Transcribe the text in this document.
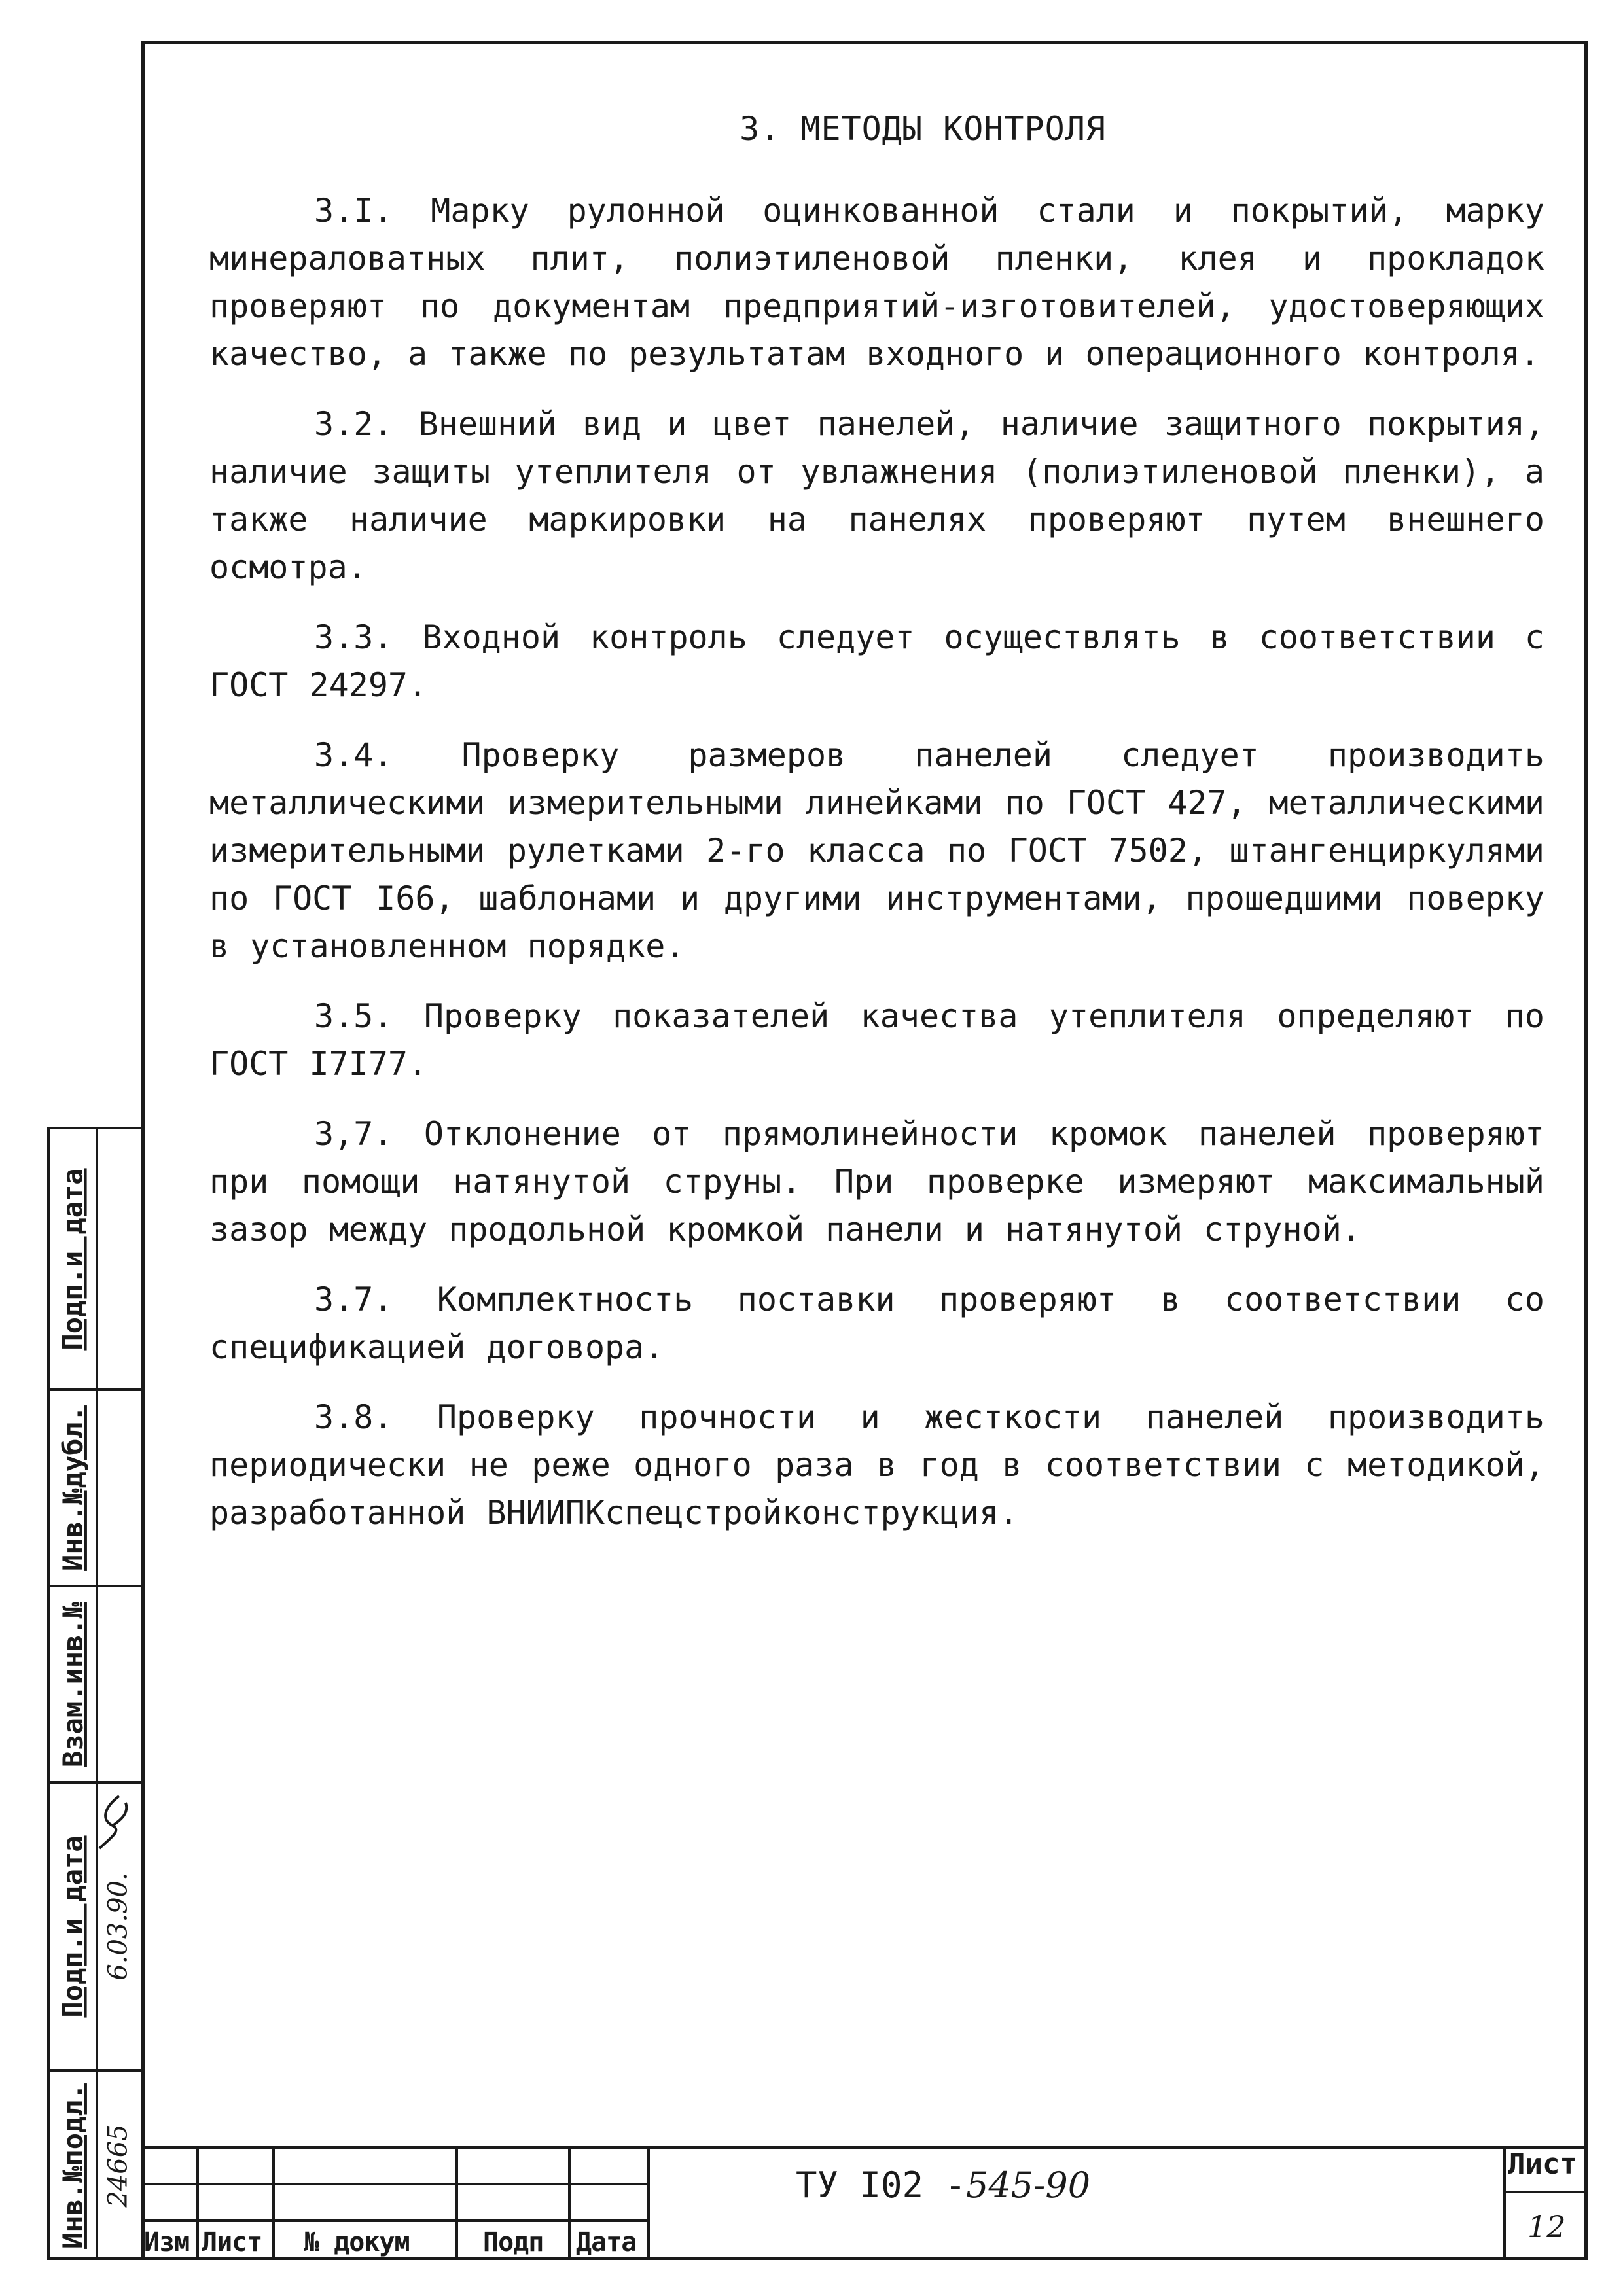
3. МЕТОДЫ КОНТРОЛЯ

3.I. Марку рулонной оцинкованной стали и покрытий, марку минераловатных плит, полиэтиленовой пленки, клея и прокладок проверяют по документам предприятий-изготовителей, удостоверяющих качество, а также по результатам входного и операционного контроля.

3.2. Внешний вид и цвет панелей, наличие защитного покрытия, наличие защиты утеплителя от увлажнения (полиэтиленовой пленки), а также наличие маркировки на панелях проверяют путем внешнего осмотра.

3.3. Входной контроль следует осуществлять в соответствии с ГОСТ 24297.

3.4. Проверку размеров панелей следует производить металлическими измерительными линейками по ГОСТ 427, металлическими измерительными рулетками 2-го класса по ГОСТ 7502, штангенциркулями по ГОСТ I66, шаблонами и другими инструментами, прошедшими поверку в установленном порядке.

3.5. Проверку показателей качества утеплителя определяют по ГОСТ I7I77.

3,7. Отклонение от прямолинейности кромок панелей проверяют при помощи натянутой струны. При проверке измеряют максимальный зазор между продольной кромкой панели и натянутой струной.

3.7. Комплектность поставки проверяют в соответствии со спецификацией договора.

3.8. Проверку прочности и жесткости панелей производить периодически не реже одного раза в год в соответствии с методикой, разработанной ВНИИПКспецстройконструкция.

Подп.и дата
Инв.№дубл.
Взам.инв.№
Подп.и дата 6.03.90.
Инв.№подл. 24665
Изм Лист № докум	Подп Дата
ТУ I02 -545-90
Лист
12
